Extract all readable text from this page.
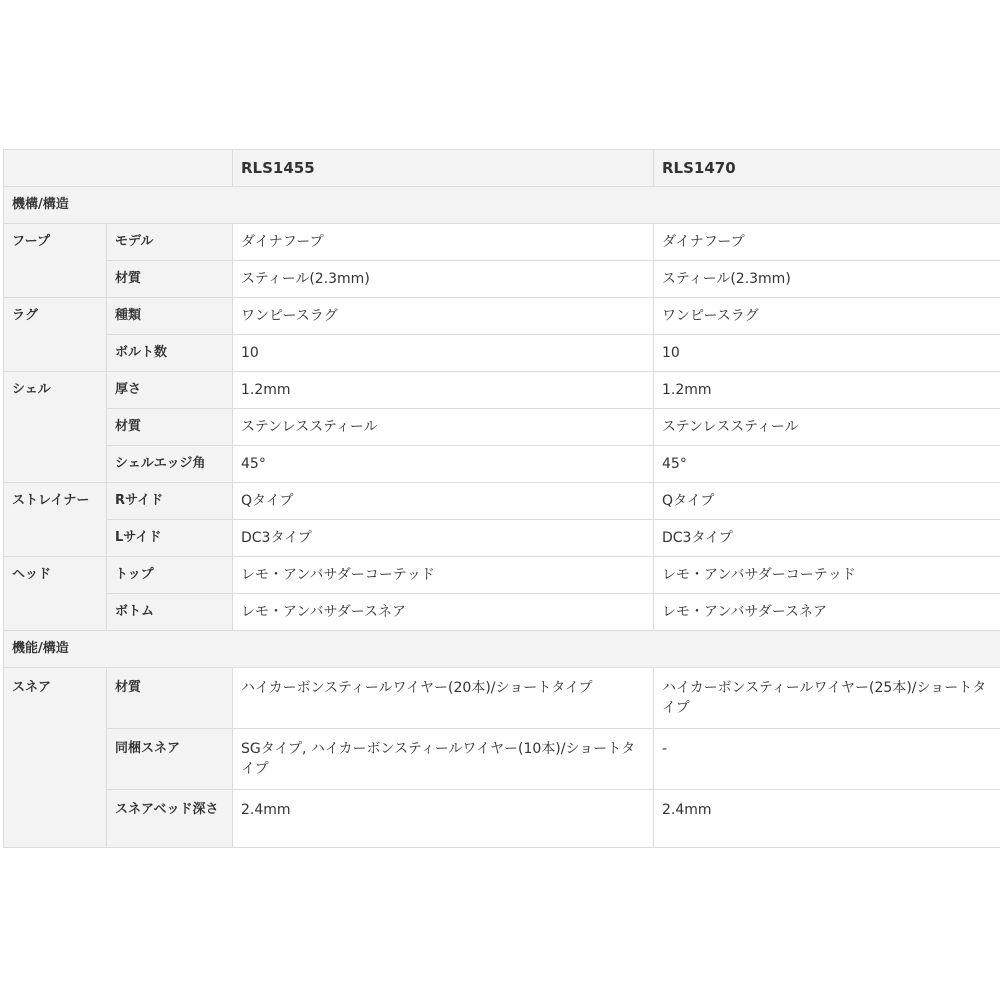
		RLS1455	RLS1470
機構/構造			
フープ	モデル	ダイナフープ	ダイナフープ
	材質	スティール(2.3mm)	スティール(2.3mm)
ラグ	種類	ワンピースラグ	ワンピースラグ
	ボルト数	10	10
シェル	厚さ	1.2mm	1.2mm
	材質	ステンレススティール	ステンレススティール
	シェルエッジ角	45°	45°
ストレイナー	Rサイド	Qタイプ	Qタイプ
	Lサイド	DC3タイプ	DC3タイプ
ヘッド	トップ	レモ・アンバサダーコーテッド	レモ・アンバサダーコーテッド
	ボトム	レモ・アンバサダースネア	レモ・アンバサダースネア
機能/構造			
スネア	材質	ハイカーボンスティールワイヤー(20本)/ショートタイプ	ハイカーボンスティールワイヤー(25本)/ショートタイプ
	同梱スネア	SGタイプ, ハイカーボンスティールワイヤー(10本)/ショートタイプ	-
	スネアベッド深さ	2.4mm	2.4mm
